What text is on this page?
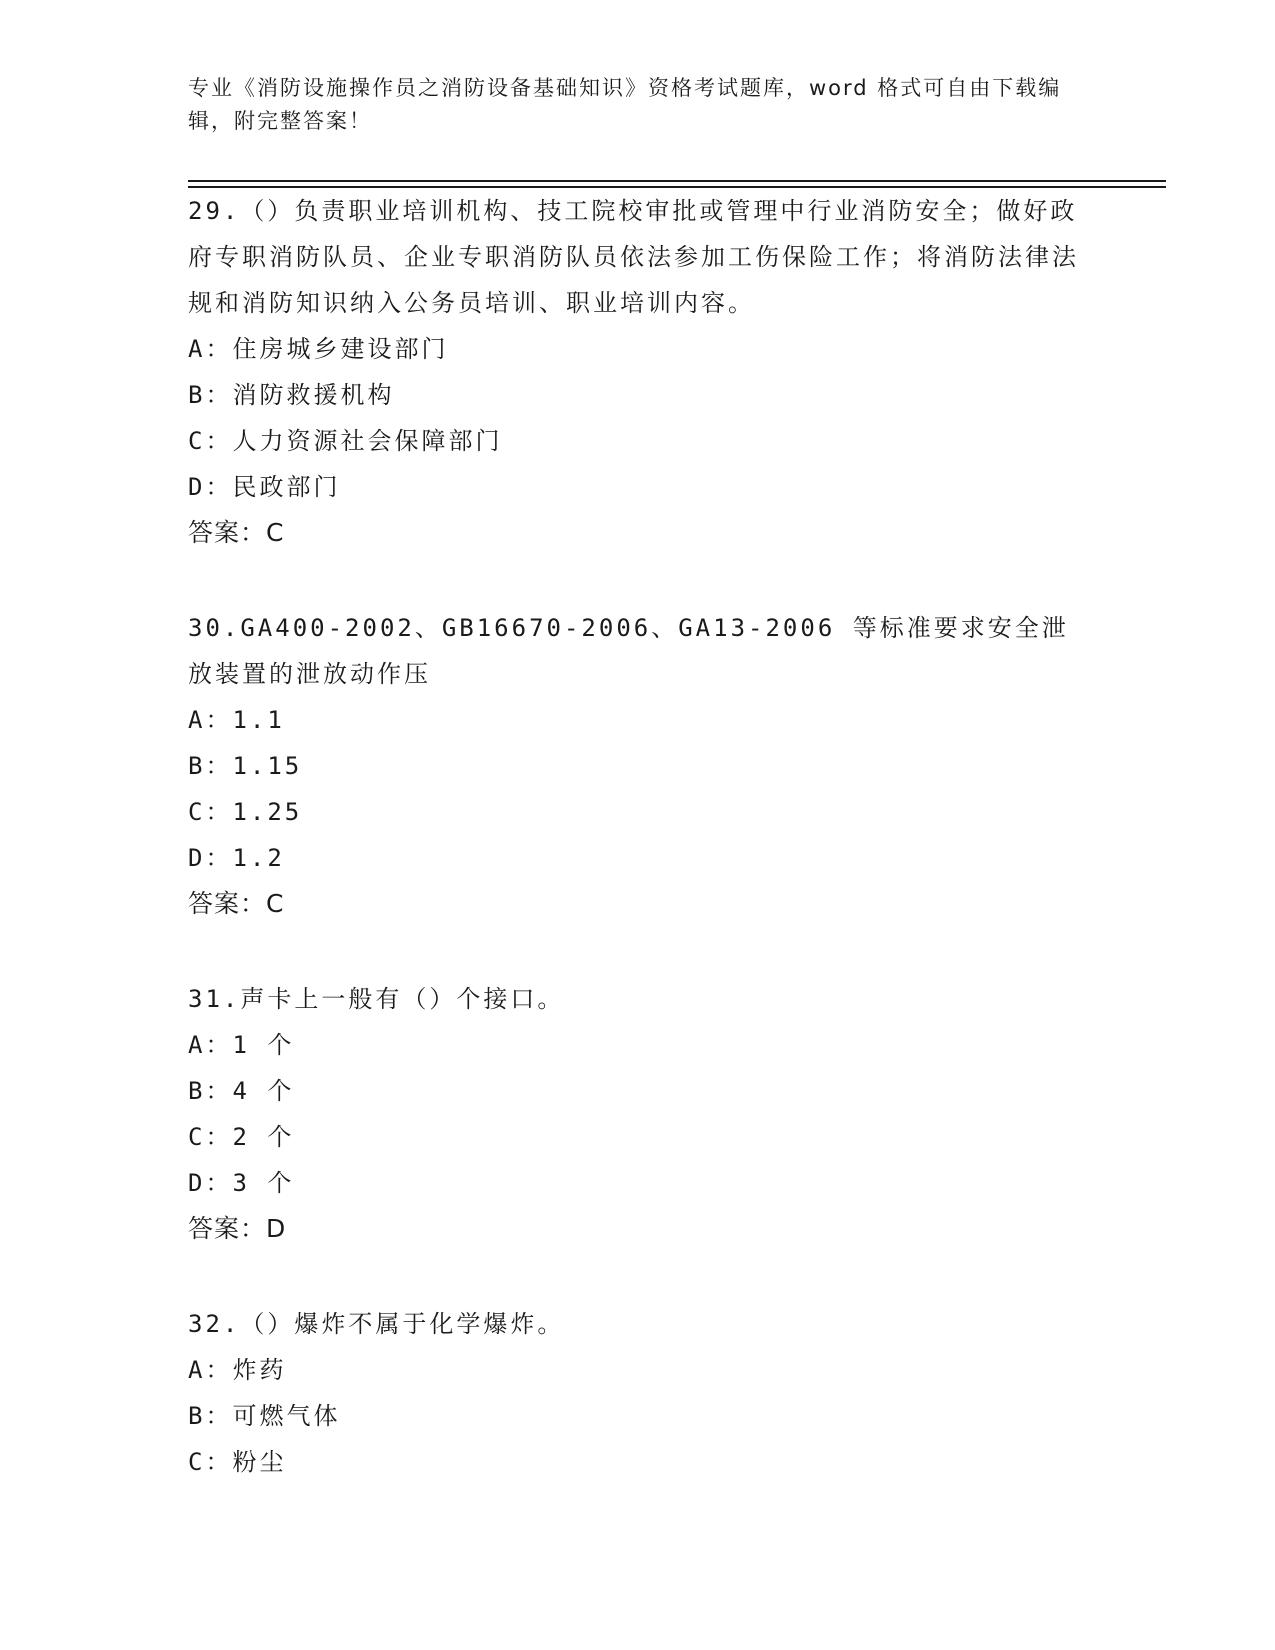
专业《消防设施操作员之消防设备基础知识》资格考试题库，word 格式可自由下载编辑，附完整答案！

29.（）负责职业培训机构、技工院校审批或管理中行业消防安全；做好政府专职消防队员、企业专职消防队员依法参加工伤保险工作；将消防法律法规和消防知识纳入公务员培训、职业培训内容。

A：住房城乡建设部门

B：消防救援机构

C：人力资源社会保障部门

D：民政部门

答案：C

30.GA400-2002、GB16670-2006、GA13-2006 等标准要求安全泄放装置的泄放动作压

A：1.1

B：1.15

C：1.25

D：1.2

答案：C

31.声卡上一般有（）个接口。

A：1 个

B：4 个

C：2 个

D：3 个

答案：D

32.（）爆炸不属于化学爆炸。

A：炸药

B：可燃气体

C：粉尘
